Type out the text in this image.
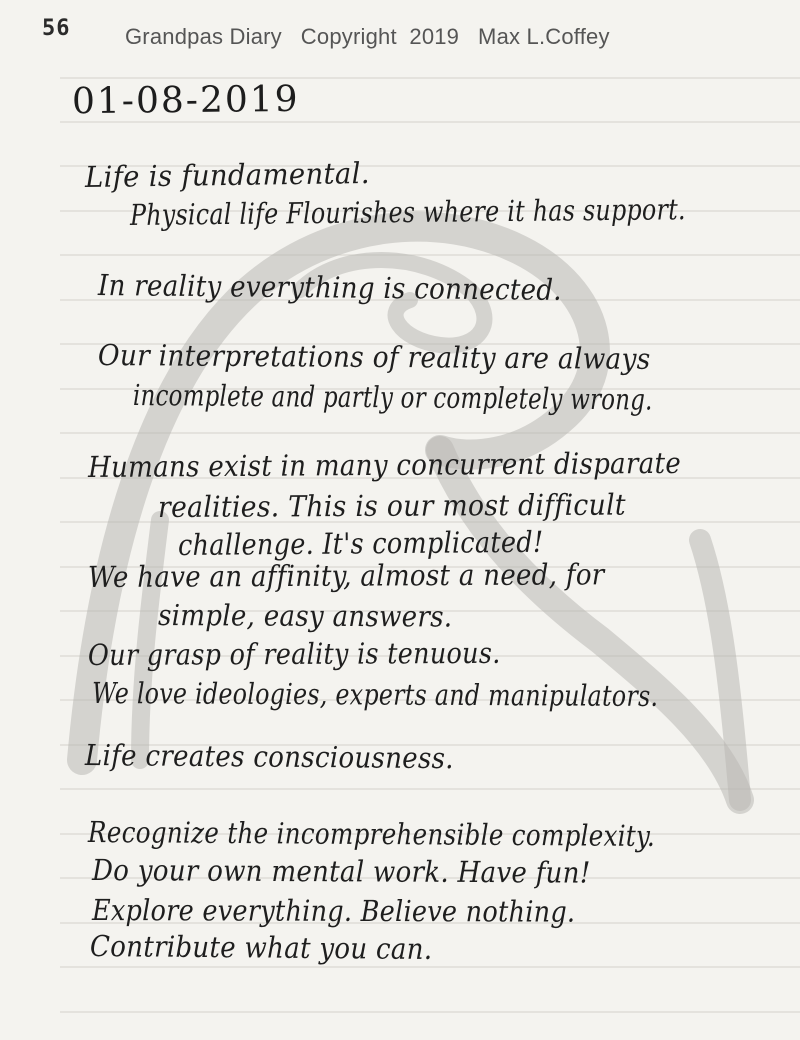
56 Grandpas Diary   Copyright  2019   Max L.Coffey
01-08-2019
Life is fundamental.
Physical life Flourishes where it has support.
In reality everything is connected.
Our interpretations of reality are always
incomplete and partly or completely wrong.
Humans exist in many concurrent disparate
realities. This is our most difficult
challenge. It's complicated!
We have an affinity, almost a need, for
simple, easy answers.
Our grasp of reality is tenuous.
We love ideologies, experts and manipulators.
Life creates consciousness.
Recognize the incomprehensible complexity.
Do your own mental work. Have fun!
Explore everything. Believe nothing.
Contribute what you can.
